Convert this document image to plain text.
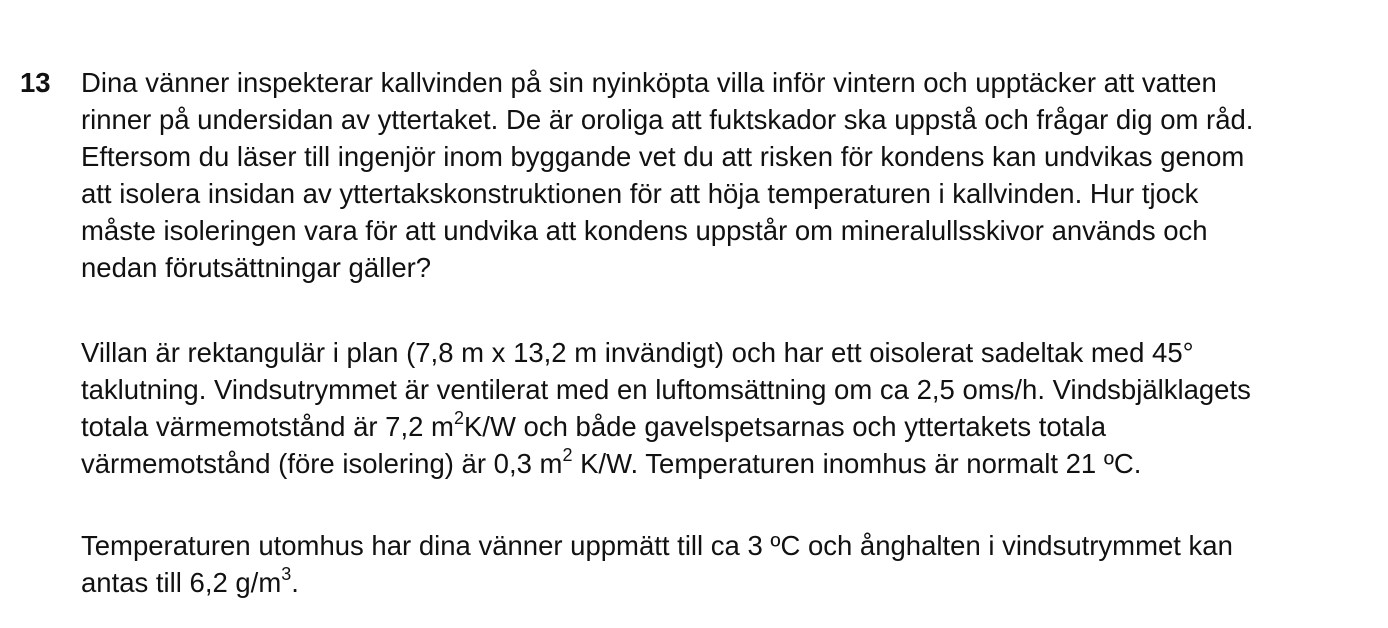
13 Dina vänner inspekterar kallvinden på sin nyinköpta villa inför vintern och upptäcker att vatten
rinner på undersidan av yttertaket. De är oroliga att fuktskador ska uppstå och frågar dig om råd.
Eftersom du läser till ingenjör inom byggande vet du att risken för kondens kan undvikas genom
att isolera insidan av yttertakskonstruktionen för att höja temperaturen i kallvinden. Hur tjock
måste isoleringen vara för att undvika att kondens uppstår om mineralullsskivor används och
nedan förutsättningar gäller?
Villan är rektangulär i plan (7,8 m x 13,2 m invändigt) och har ett oisolerat sadeltak med 45°
taklutning. Vindsutrymmet är ventilerat med en luftomsättning om ca 2,5 oms/h. Vindsbjälklagets
totala värmemotstånd är 7,2 $m^2K/W$ och både gavelspetsarnas och yttertakets totala
värmemotstånd (före isolering) är 0,3 $m^2$ K/W. Temperaturen inomhus är normalt 21 ºC.
Temperaturen utomhus har dina vänner uppmätt till ca 3 ºC och ånghalten i vindsutrymmet kan
antas till 6,2 $g/m^3$.
